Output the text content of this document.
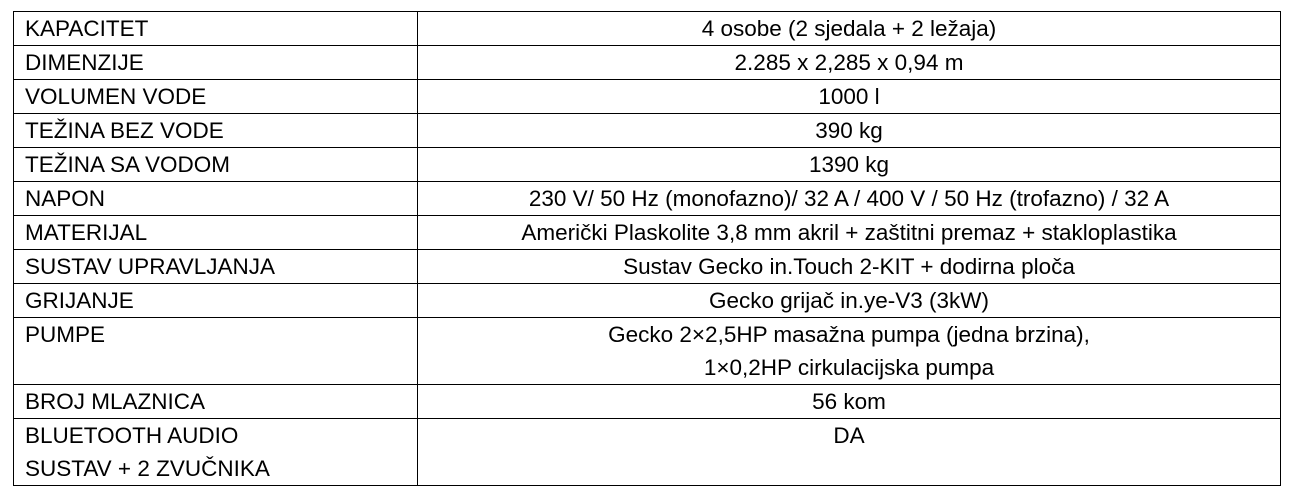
KAPACITET	4 osobe (2 sjedala + 2 ležaja)

DIMENZIJE	2.285 x 2,285 x 0,94 m

VOLUMEN VODE	1000 l

TEŽINA BEZ VODE	390 kg

TEŽINA SA VODOM	1390 kg

NAPON	230 V/ 50 Hz (monofazno)/ 32 A / 400 V / 50 Hz (trofazno) / 32 A

MATERIJAL	Američki Plaskolite 3,8 mm akril + zaštitni premaz + stakloplastika

SUSTAV UPRAVLJANJA	Sustav Gecko in.Touch 2-KIT + dodirna ploča

GRIJANJE	Gecko grijač in.ye-V3 (3kW)

PUMPE	Gecko 2×2,5HP masažna pumpa (jedna brzina),
1×0,2HP cirkulacijska pumpa

BROJ MLAZNICA	56 kom

BLUETOOTH AUDIO
SUSTAV + 2 ZVUČNIKA	DA
